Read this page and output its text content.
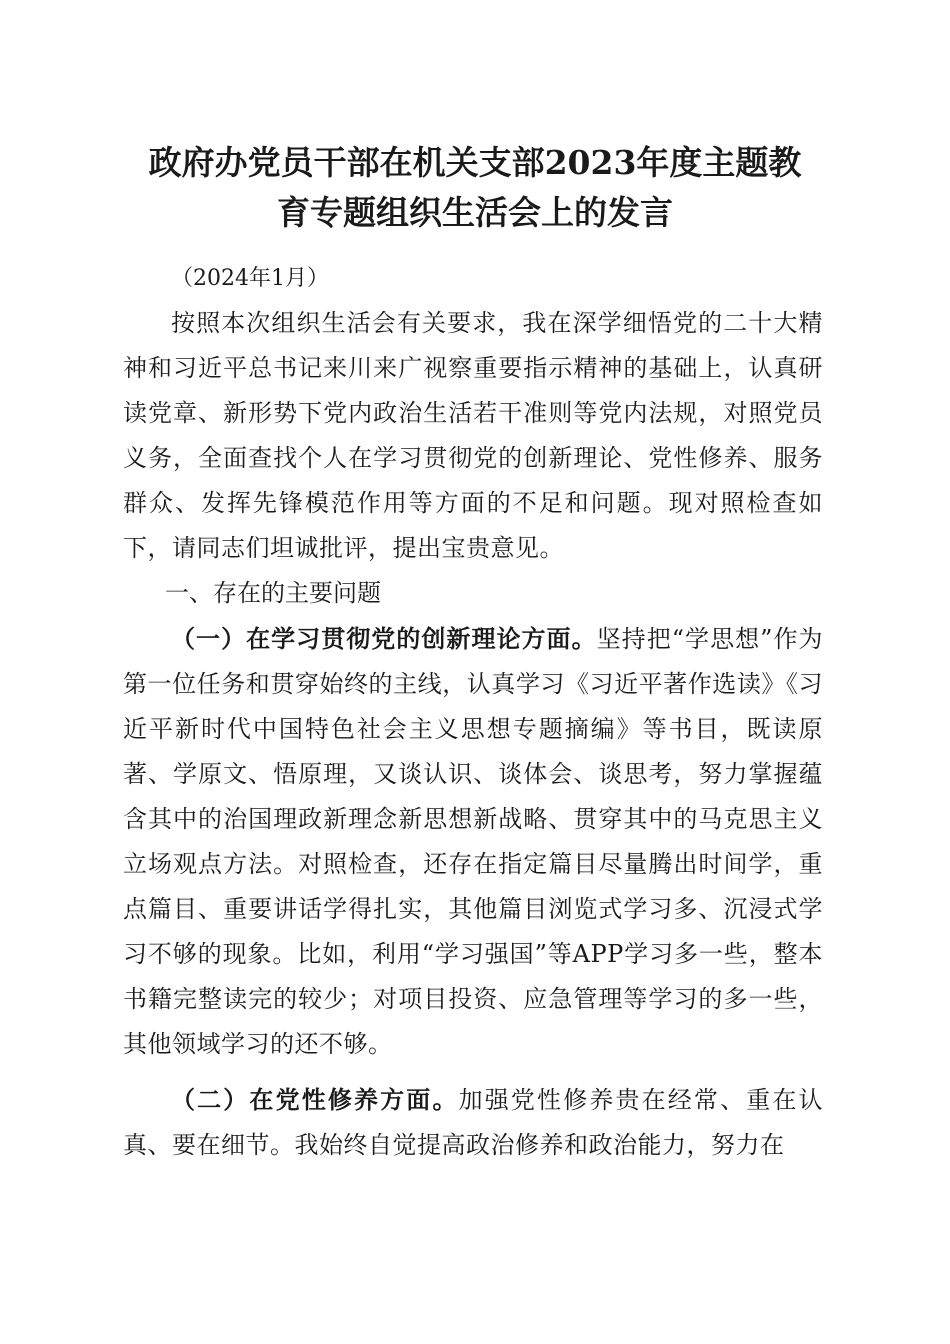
政府办党员干部在机关支部2023年度主题教
育专题组织生活会上的发言

（2024年1月）

按照本次组织生活会有关要求，我在深学细悟党的二十大精神和习近平总书记来川来广视察重要指示精神的基础上，认真研读党章、新形势下党内政治生活若干准则等党内法规，对照党员义务，全面查找个人在学习贯彻党的创新理论、党性修养、服务群众、发挥先锋模范作用等方面的不足和问题。现对照检查如下，请同志们坦诚批评，提出宝贵意见。

一、存在的主要问题

（一）在学习贯彻党的创新理论方面。坚持把“学思想”作为第一位任务和贯穿始终的主线，认真学习《习近平著作选读》《习近平新时代中国特色社会主义思想专题摘编》等书目，既读原著、学原文、悟原理，又谈认识、谈体会、谈思考，努力掌握蕴含其中的治国理政新理念新思想新战略、贯穿其中的马克思主义立场观点方法。对照检查，还存在指定篇目尽量腾出时间学，重点篇目、重要讲话学得扎实，其他篇目浏览式学习多、沉浸式学习不够的现象。比如，利用“学习强国”等APP学习多一些，整本书籍完整读完的较少；对项目投资、应急管理等学习的多一些，其他领域学习的还不够。

（二）在党性修养方面。加强党性修养贵在经常、重在认真、要在细节。我始终自觉提高政治修养和政治能力，努力在
